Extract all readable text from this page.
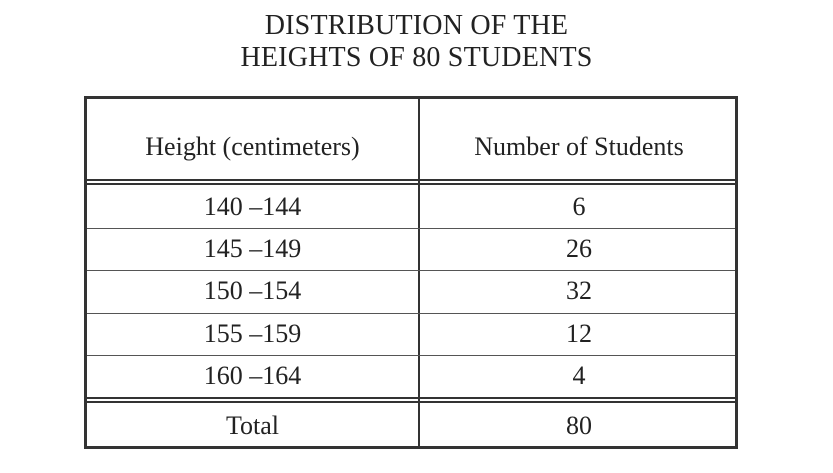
DISTRIBUTION OF THE
HEIGHTS OF 80 STUDENTS
Height (centimeters)	Number of Students
140 –144	6
145 –149	26
150 –154	32
155 –159	12
160 –164	4
Total	80
